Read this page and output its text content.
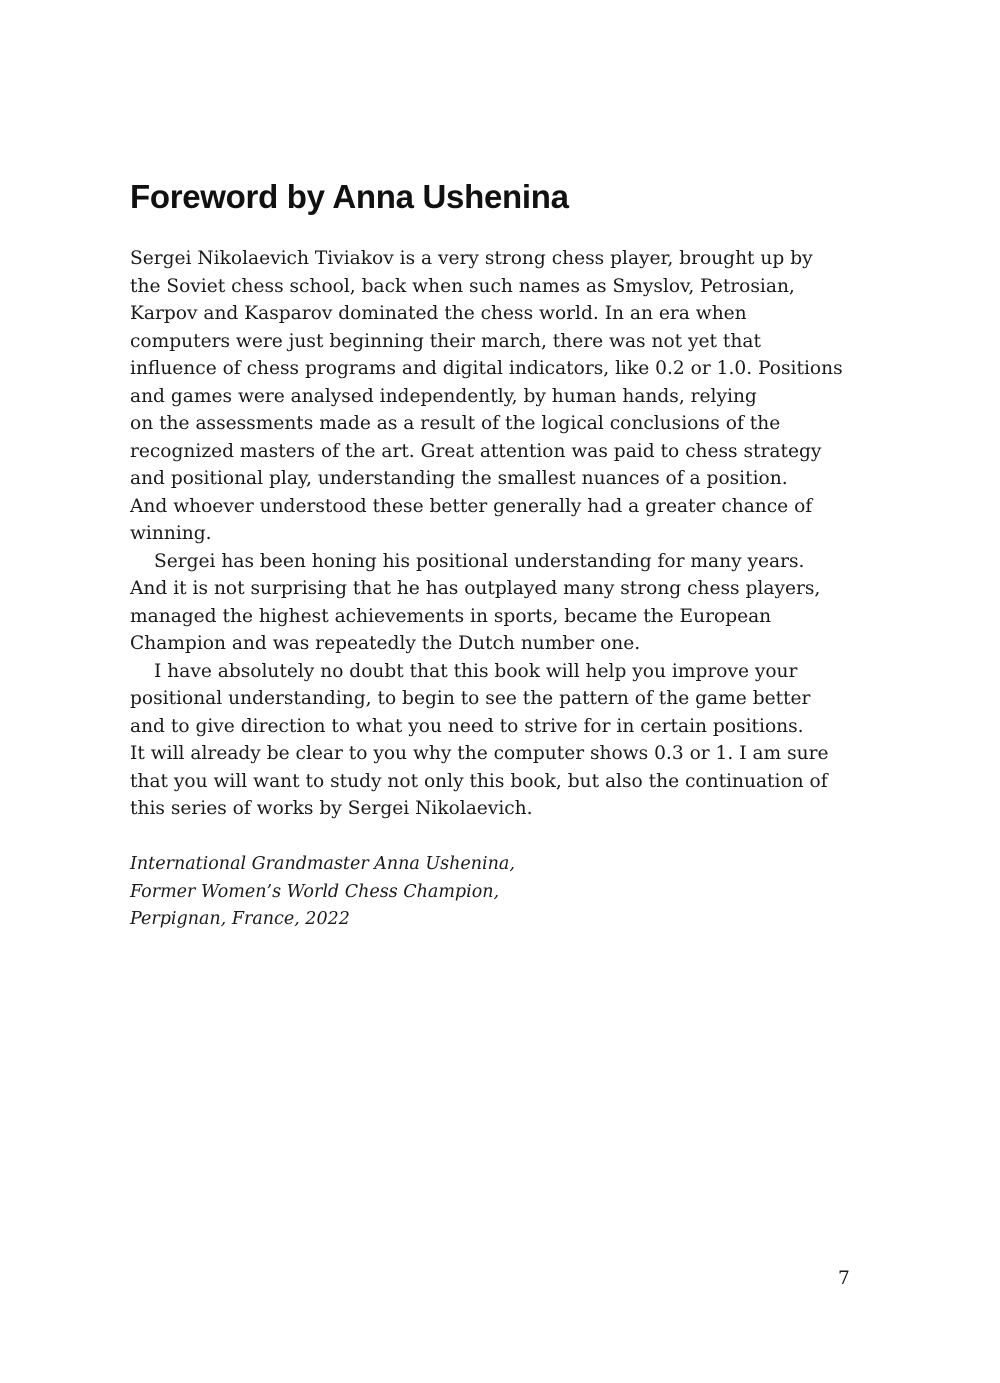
Foreword by Anna Ushenina
Sergei Nikolaevich Tiviakov is a very strong chess player, brought up by
the Soviet chess school, back when such names as Smyslov, Petrosian,
Karpov and Kasparov dominated the chess world. In an era when
computers were just beginning their march, there was not yet that
influence of chess programs and digital indicators, like 0.2 or 1.0. Positions
and games were analysed independently, by human hands, relying
on the assessments made as a result of the logical conclusions of the
recognized masters of the art. Great attention was paid to chess strategy
and positional play, understanding the smallest nuances of a position.
And whoever understood these better generally had a greater chance of
winning.
Sergei has been honing his positional understanding for many years.
And it is not surprising that he has outplayed many strong chess players,
managed the highest achievements in sports, became the European
Champion and was repeatedly the Dutch number one.
I have absolutely no doubt that this book will help you improve your
positional understanding, to begin to see the pattern of the game better
and to give direction to what you need to strive for in certain positions.
It will already be clear to you why the computer shows 0.3 or 1. I am sure
that you will want to study not only this book, but also the continuation of
this series of works by Sergei Nikolaevich.
International Grandmaster Anna Ushenina,
Former Women’s World Chess Champion,
Perpignan, France, 2022
7
